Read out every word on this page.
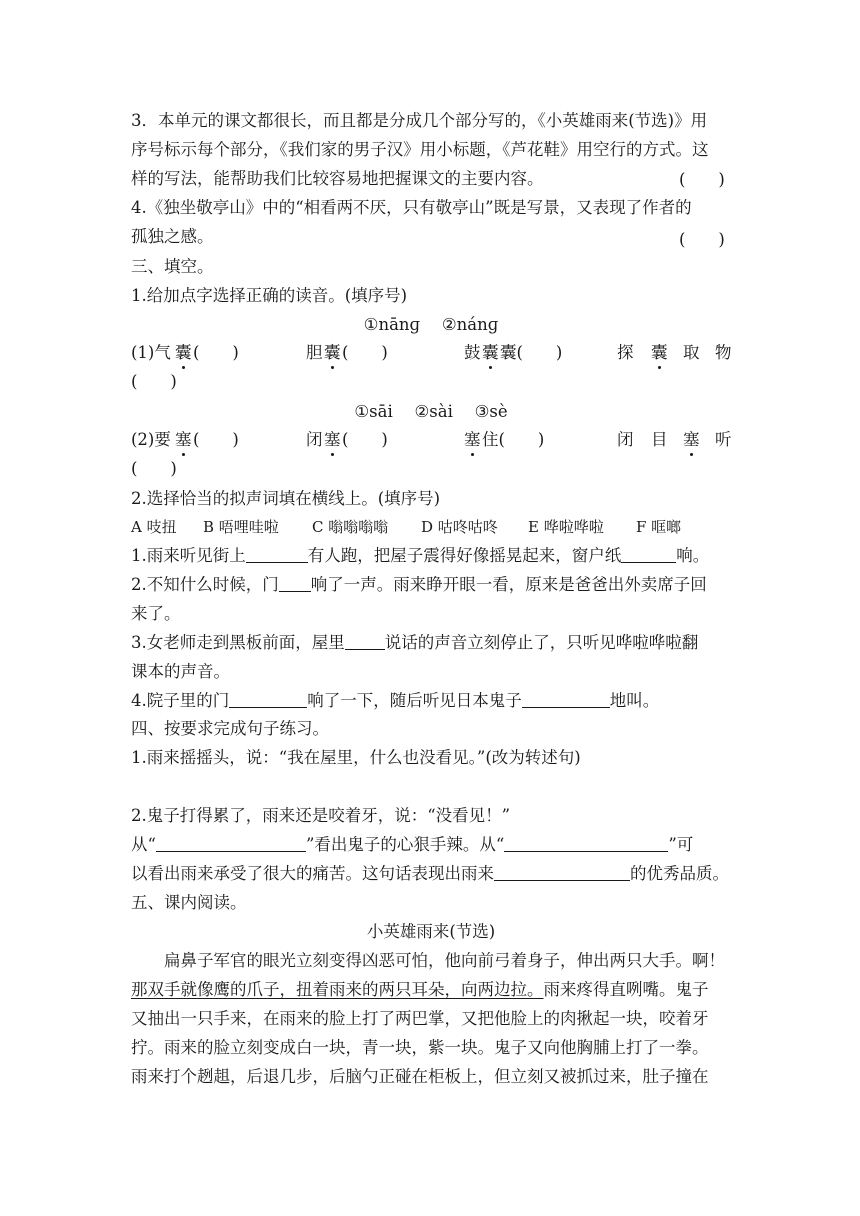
3．本单元的课文都很长，而且都是分成几个部分写的，《小英雄雨来(节选)》用
序号标示每个部分，《我们家的男子汉》用小标题，《芦花鞋》用空行的方式。这
样的写法，能帮助我们比较容易地把握课文的主要内容。	(　　)
4.《独坐敬亭山》中的“相看两不厌，只有敬亭山”既是写景，又表现了作者的
孤独之感。	(　　)
三、填空。
1.给加点字选择正确的读音。(填序号)
①nānɡ　 ②nánɡ
(1)气 囊 (　　)	胆 囊 (　　)	鼓 囊 囊(　　)	探 囊 取 物
(　　)
①sāi　 ②sài　 ③sè
(2)要 塞 (　　)	闭 塞 (　　)	塞 住(　　)	闭 目 塞 听
(　　)
2.选择恰当的拟声词填在横线上。(填序号)
A 吱扭 B 唔哩哇啦 C 嗡嗡嗡嗡 D 咕咚咕咚 E 哗啦哗啦 F 哐啷
1.雨来听见街上	有人跑，把屋子震得好像摇晃起来，窗户纸	响。
2.不知什么时候，门 响了一声。雨来睁开眼一看，原来是爸爸出外卖席子回
来了。
3.女老师走到黑板前面，屋里 说话的声音立刻停止了，只听见哗啦哗啦翻
课本的声音。
4.院子里的门	响了一下，随后听见日本鬼子	地叫。
四、按要求完成句子练习。
1.雨来摇摇头，说：“我在屋里，什么也没看见。”(改为转述句)
2.鬼子打得累了，雨来还是咬着牙，说：“没看见！”
从“	”看出鬼子的心狠手辣。从“	”可
以看出雨来承受了很大的痛苦。这句话表现出雨来	的优秀品质。
五、课内阅读。
小英雄雨来(节选)
　　扁鼻子军官的眼光立刻变得凶恶可怕，他向前弓着身子，伸出两只大手。啊！
那双手就像鹰的爪子，扭着雨来的两只耳朵，向两边拉。雨来疼得直咧嘴。鬼子
又抽出一只手来，在雨来的脸上打了两巴掌，又把他脸上的肉揪起一块，咬着牙
拧。雨来的脸立刻变成白一块，青一块，紫一块。鬼子又向他胸脯上打了一拳。
雨来打个趔趄，后退几步，后脑勺正碰在柜板上，但立刻又被抓过来，肚子撞在
